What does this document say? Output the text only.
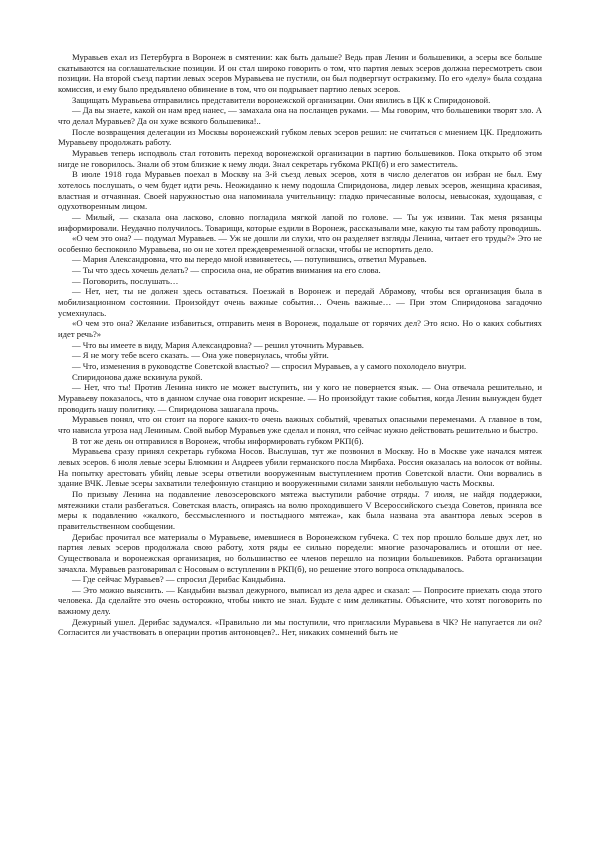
Муравьев ехал из Петербурга в Воронеж в смятении: как быть дальше? Ведь прав Ленин и большевики, а эсеры все больше скатываются на соглашательские позиции. И он стал широко говорить о том, что партия левых эсеров должна пересмотреть свои позиции. На второй съезд партии левых эсеров Муравьева не пустили, он был подвергнут остракизму. По его «делу» была создана комиссия, и ему было предъявлено обвинение в том, что он подрывает партию левых эсеров.

Защищать Муравьева отправились представители воронежской организации. Они явились в ЦК к Спиридоновой.

— Да вы знаете, какой он нам вред нанес, — замахала она на посланцев руками. — Мы говорим, что большевики творят зло. А что делал Муравьев? Да он хуже всякого большевика!..

После возвращения делегации из Москвы воронежский губком левых эсеров решил: не считаться с мнением ЦК. Предложить Муравьеву продолжать работу.

Муравьев теперь исподволь стал готовить переход воронежской организации в партию большевиков. Пока открыто об этом нигде не говорилось. Знали об этом близкие к нему люди. Знал секретарь губкома РКП(б) и его заместитель.

В июле 1918 года Муравьев поехал в Москву на 3-й съезд левых эсеров, хотя в число делегатов он избран не был. Ему хотелось послушать, о чем будет идти речь. Неожиданно к нему подошла Спиридонова, лидер левых эсеров, женщина красивая, властная и отчаянная. Своей наружностью она напоминала учительницу: гладко причесанные волосы, невысокая, худощавая, с одухотворенным лицом.

— Милый, — сказала она ласково, словно погладила мягкой лапой по голове. — Ты уж извини. Так меня рязанцы информировали. Неудачно получилось. Товарищи, которые ездили в Воронеж, рассказывали мне, какую ты там работу проводишь.

«О чем это она? — подумал Муравьев. — Уж не дошли ли слухи, что он разделяет взгляды Ленина, читает его труды?» Это не особенно беспокоило Муравьева, но он не хотел преждевременной огласки, чтобы не испортить дело.

— Мария Александровна, что вы передо мной извиняетесь, — потупившись, ответил Муравьев.

— Ты что здесь хочешь делать? — спросила она, не обратив внимания на его слова.

— Поговорить, послушать…

— Нет, нет, ты не должен здесь оставаться. Поезжай в Воронеж и передай Абрамову, чтобы вся организация была в мобилизационном состоянии. Произойдут очень важные события… Очень важные… — При этом Спиридонова загадочно усмехнулась.

«О чем это она? Желание избавиться, отправить меня в Воронеж, подальше от горячих дел? Это ясно. Но о каких событиях идет речь?»

— Что вы имеете в виду, Мария Александровна? — решил уточнить Муравьев.

— Я не могу тебе всего сказать. — Она уже повернулась, чтобы уйти.

— Что, изменения в руководстве Советской властью? — спросил Муравьев, а у самого похолодело внутри.

Спиридонова даже вскинула рукой.

— Нет, что ты! Против Ленина никто не может выступить, ни у кого не повернется язык. — Она отвечала решительно, и Муравьеву показалось, что в данном случае она говорит искренне. — Но произойдут такие события, когда Ленин вынужден будет проводить нашу политику. — Спиридонова зашагала прочь.

Муравьев понял, что он стоит на пороге каких-то очень важных событий, чреватых опасными переменами. А главное в том, что нависла угроза над Лениным. Свой выбор Муравьев уже сделал и понял, что сейчас нужно действовать решительно и быстро.

В тот же день он отправился в Воронеж, чтобы информировать губком РКП(б).

Муравьева сразу принял секретарь губкома Носов. Выслушав, тут же позвонил в Москву. Но в Москве уже начался мятеж левых эсеров. 6 июля левые эсеры Блюмкин и Андреев убили германского посла Мирбаха. Россия оказалась на волосок от войны. На попытку арестовать убийц левые эсеры ответили вооруженным выступлением против Советской власти. Они ворвались в здание ВЧК. Левые эсеры захватили телефонную станцию и вооруженными силами заняли небольшую часть Москвы.

По призыву Ленина на подавление левоэсеровского мятежа выступили рабочие отряды. 7 июля, не найдя поддержки, мятежники стали разбегаться. Советская власть, опираясь на волю проходившего V Всероссийского съезда Советов, приняла все меры к подавлению «жалкого, бессмысленного и постыдного мятежа», как была названа эта авантюра левых эсеров в правительственном сообщении.

Дерибас прочитал все материалы о Муравьеве, имевшиеся в Воронежском губчека. С тех пор прошло больше двух лет, но партия левых эсеров продолжала свою работу, хотя ряды ее сильно поредели: многие разочаровались и отошли от нее. Существовала и воронежская организация, но большинство ее членов перешло на позиции большевиков. Работа организации зачахла. Муравьев разговаривал с Носовым о вступлении в РКП(б), но решение этого вопроса откладывалось.

— Где сейчас Муравьев? — спросил Дерибас Кандыбина.

— Это можно выяснить. — Кандыбин вызвал дежурного, выписал из дела адрес и сказал: — Попросите приехать сюда этого человека. Да сделайте это очень осторожно, чтобы никто не знал. Будьте с ним деликатны. Объясните, что хотят поговорить по важному делу.

Дежурный ушел. Дерибас задумался. «Правильно ли мы поступили, что пригласили Муравьева в ЧК? Не напугается ли он? Согласится ли участвовать в операции против антоновцев?.. Нет, никаких сомнений быть не
